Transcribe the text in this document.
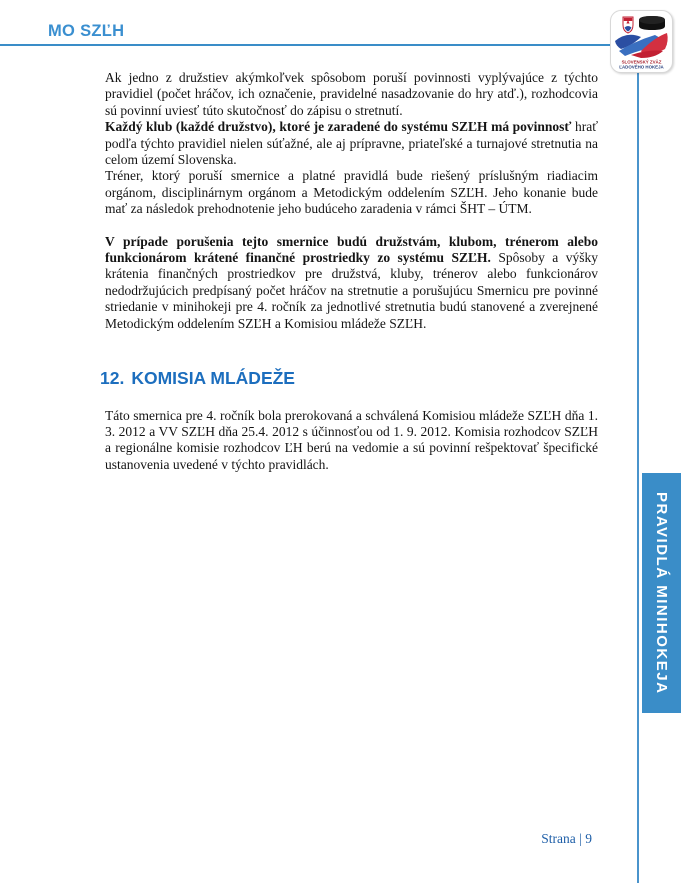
MO SZĽH
SLOVENSKÝ ZVÄZ
ĽADOVÉHO HOKEJA
PRAVIDLÁ MINIHOKEJA

Ak jedno z družstiev akýmkoľvek spôsobom poruší povinnosti vyplývajúce z týchto pravidiel (počet hráčov, ich označenie, pravidelné nasadzovanie do hry atď.), rozhodcovia sú povinní uviesť túto skutočnosť do zápisu o stretnutí.

Každý klub (každé družstvo), ktoré je zaradené do systému SZĽH má povinnosť hrať podľa týchto pravidiel nielen súťažné, ale aj prípravne, priateľské a turnajové stretnutia na celom území Slovenska.

Tréner, ktorý poruší smernice a platné pravidlá bude riešený príslušným riadiacim orgánom, disciplinárnym orgánom a Metodickým oddelením SZĽH. Jeho konanie bude mať za následok prehodnotenie jeho budúceho zaradenia v rámci ŠHT – ÚTM.

V prípade porušenia tejto smernice budú družstvám, klubom, trénerom alebo funkcionárom krátené finančné prostriedky zo systému SZĽH. Spôsoby a výšky krátenia finančných prostriedkov pre družstvá, kluby, trénerov alebo funkcionárov nedodržujúcich predpísaný počet hráčov na stretnutie a porušujúcu Smernicu pre povinné striedanie v minihokeji pre 4. ročník za jednotlivé stretnutia budú stanovené a zverejnené Metodickým oddelením SZĽH a Komisiou mládeže SZĽH.

12. KOMISIA MLÁDEŽE

Táto smernica pre 4. ročník bola prerokovaná a schválená Komisiou mládeže SZĽH dňa 1. 3. 2012 a VV SZĽH dňa 25.4. 2012 s účinnosťou od 1. 9. 2012. Komisia rozhodcov SZĽH a regionálne komisie rozhodcov ĽH berú na vedomie a sú povinní rešpektovať špecifické ustanovenia uvedené v týchto pravidlách.

Strana | 9
